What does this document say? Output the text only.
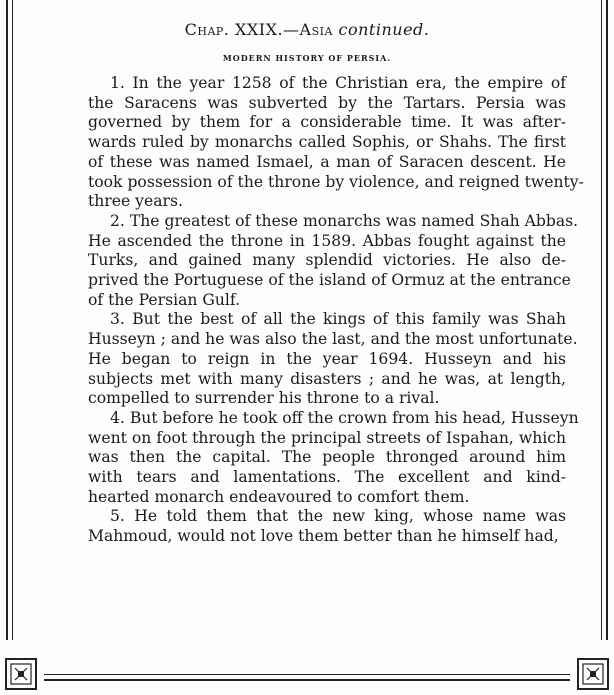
Chap. XXIX.—Asia continued.
MODERN HISTORY OF PERSIA.
1. In the year 1258 of the Christian era, the empire of
the Saracens was subverted by the Tartars. Persia was
governed by them for a considerable time. It was after-
wards ruled by monarchs called Sophis, or Shahs. The first
of these was named Ismael, a man of Saracen descent. He
took possession of the throne by violence, and reigned twenty-
three years.
2. The greatest of these monarchs was named Shah Abbas.
He ascended the throne in 1589. Abbas fought against the
Turks, and gained many splendid victories. He also de-
prived the Portuguese of the island of Ormuz at the entrance
of the Persian Gulf.
3. But the best of all the kings of this family was Shah
Husseyn ; and he was also the last, and the most unfortunate.
He began to reign in the year 1694. Husseyn and his
subjects met with many disasters ; and he was, at length,
compelled to surrender his throne to a rival.
4. But before he took off the crown from his head, Husseyn
went on foot through the principal streets of Ispahan, which
was then the capital. The people thronged around him
with tears and lamentations. The excellent and kind-
hearted monarch endeavoured to comfort them.
5. He told them that the new king, whose name was
Mahmoud, would not love them better than he himself had,
